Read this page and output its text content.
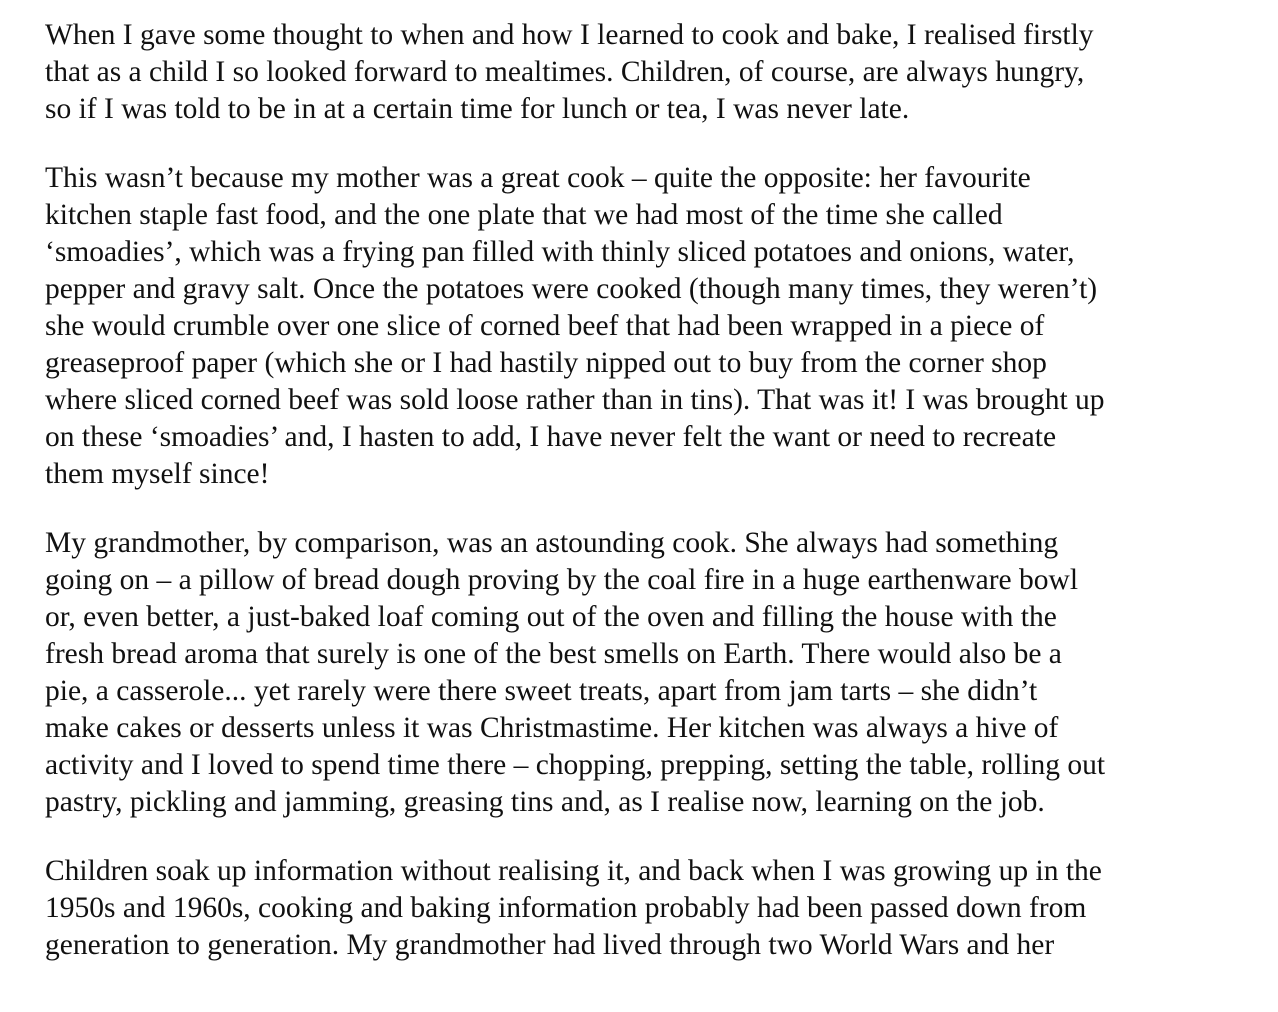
When I gave some thought to when and how I learned to cook and bake, I realised firstly
that as a child I so looked forward to mealtimes. Children, of course, are always hungry,
so if I was told to be in at a certain time for lunch or tea, I was never late.

This wasn’t because my mother was a great cook – quite the opposite: her favourite
kitchen staple fast food, and the one plate that we had most of the time she called
‘smoadies’, which was a frying pan filled with thinly sliced potatoes and onions, water,
pepper and gravy salt. Once the potatoes were cooked (though many times, they weren’t)
she would crumble over one slice of corned beef that had been wrapped in a piece of
greaseproof paper (which she or I had hastily nipped out to buy from the corner shop
where sliced corned beef was sold loose rather than in tins). That was it! I was brought up
on these ‘smoadies’ and, I hasten to add, I have never felt the want or need to recreate
them myself since!

My grandmother, by comparison, was an astounding cook. She always had something
going on – a pillow of bread dough proving by the coal fire in a huge earthenware bowl
or, even better, a just-baked loaf coming out of the oven and filling the house with the
fresh bread aroma that surely is one of the best smells on Earth. There would also be a
pie, a casserole... yet rarely were there sweet treats, apart from jam tarts – she didn’t
make cakes or desserts unless it was Christmastime. Her kitchen was always a hive of
activity and I loved to spend time there – chopping, prepping, setting the table, rolling out
pastry, pickling and jamming, greasing tins and, as I realise now, learning on the job.

Children soak up information without realising it, and back when I was growing up in the
1950s and 1960s, cooking and baking information probably had been passed down from
generation to generation. My grandmother had lived through two World Wars and her
